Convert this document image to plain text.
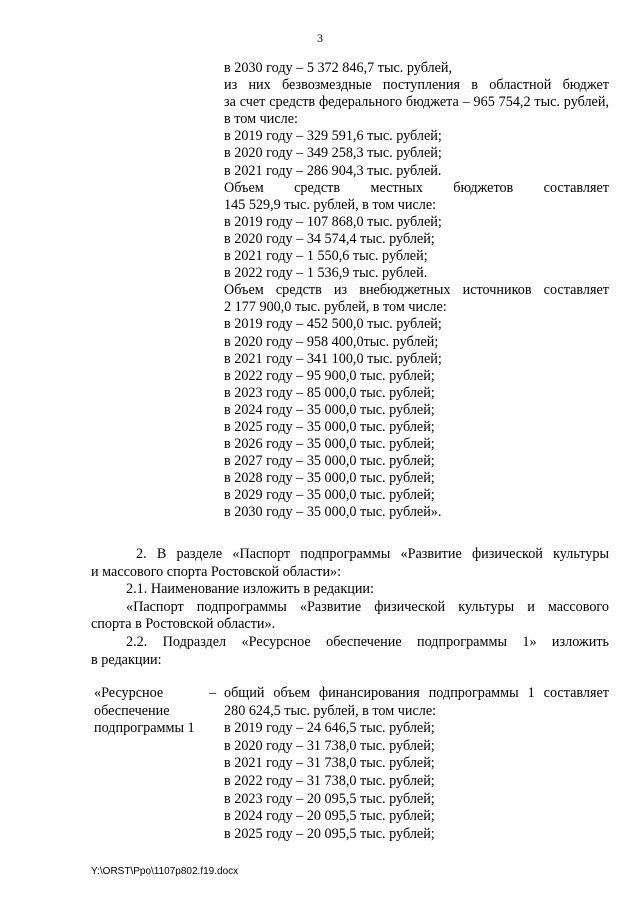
3
в 2030 году – 5 372 846,7 тыс. рублей,
из них безвозмездные поступления в областной бюджет
за счет средств федерального бюджета – 965 754,2 тыс. рублей,
в том числе:
в 2019 году – 329 591,6 тыс. рублей;
в 2020 году – 349 258,3 тыс. рублей;
в 2021 году – 286 904,3 тыс. рублей.
Объем средств местных бюджетов составляет
145 529,9 тыс. рублей, в том числе:
в 2019 году – 107 868,0 тыс. рублей;
в 2020 году – 34 574,4 тыс. рублей;
в 2021 году – 1 550,6 тыс. рублей;
в 2022 году – 1 536,9 тыс. рублей.
Объем средств из внебюджетных источников составляет
2 177 900,0 тыс. рублей, в том числе:
в 2019 году – 452 500,0 тыс. рублей;
в 2020 году – 958 400,0тыс. рублей;
в 2021 году – 341 100,0 тыс. рублей;
в 2022 году – 95 900,0 тыс. рублей;
в 2023 году – 85 000,0 тыс. рублей;
в 2024 году – 35 000,0 тыс. рублей;
в 2025 году – 35 000,0 тыс. рублей;
в 2026 году – 35 000,0 тыс. рублей;
в 2027 году – 35 000,0 тыс. рублей;
в 2028 году – 35 000,0 тыс. рублей;
в 2029 году – 35 000,0 тыс. рублей;
в 2030 году – 35 000,0 тыс. рублей».
2. В разделе «Паспорт подпрограммы «Развитие физической культуры
и массового спорта Ростовской области»:
2.1. Наименование изложить в редакции:
«Паспорт подпрограммы «Развитие физической культуры и массового
спорта в Ростовской области».
2.2. Подраздел «Ресурсное обеспечение подпрограммы 1» изложить
в редакции:
«Ресурсное
обеспечение
подпрограммы 1
– общий объем финансирования подпрограммы 1 составляет
280 624,5 тыс. рублей, в том числе:
в 2019 году – 24 646,5 тыс. рублей;
в 2020 году – 31 738,0 тыс. рублей;
в 2021 году – 31 738,0 тыс. рублей;
в 2022 году – 31 738,0 тыс. рублей;
в 2023 году – 20 095,5 тыс. рублей;
в 2024 году – 20 095,5 тыс. рублей;
в 2025 году – 20 095,5 тыс. рублей;
Y:\ORST\Ppo\1107p802.f19.docx
